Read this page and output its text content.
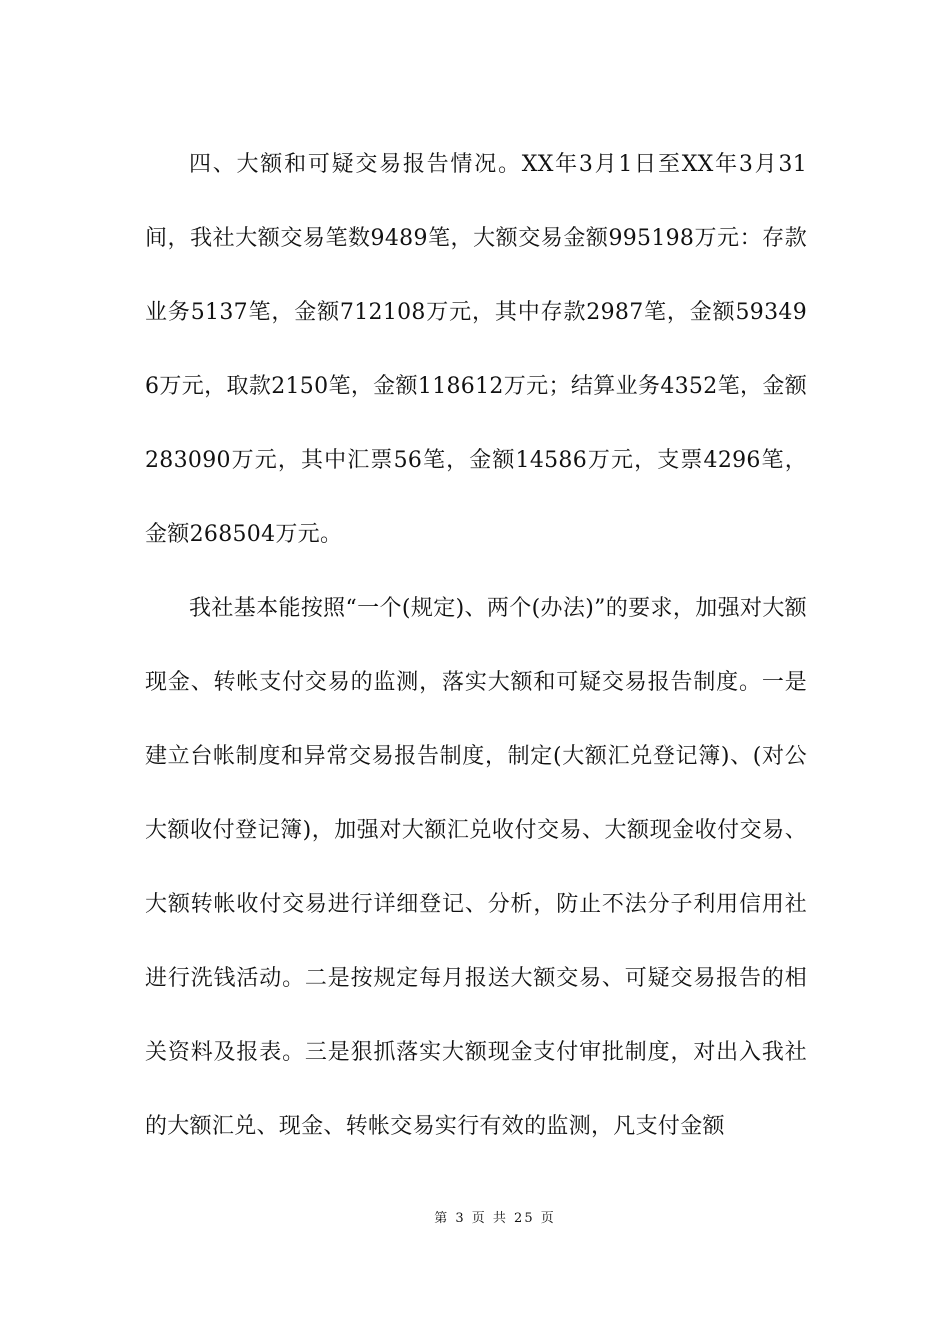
四、大额和可疑交易报告情况。XX年3月1日至XX年3月31间，我社大额交易笔数9489笔，大额交易金额995198万元：存款业务5137笔，金额712108万元，其中存款2987笔，金额593496万元，取款2150笔，金额118612万元；结算业务4352笔，金额283090万元，其中汇票56笔，金额14586万元，支票4296笔，金额268504万元。

我社基本能按照“一个(规定)、两个(办法)”的要求，加强对大额现金、转帐支付交易的监测，落实大额和可疑交易报告制度。一是建立台帐制度和异常交易报告制度，制定(大额汇兑登记簿)、(对公大额收付登记簿)，加强对大额汇兑收付交易、大额现金收付交易、大额转帐收付交易进行详细登记、分析，防止不法分子利用信用社进行洗钱活动。二是按规定每月报送大额交易、可疑交易报告的相关资料及报表。三是狠抓落实大额现金支付审批制度，对出入我社的大额汇兑、现金、转帐交易实行有效的监测，凡支付金额

第 3 页 共 25 页
